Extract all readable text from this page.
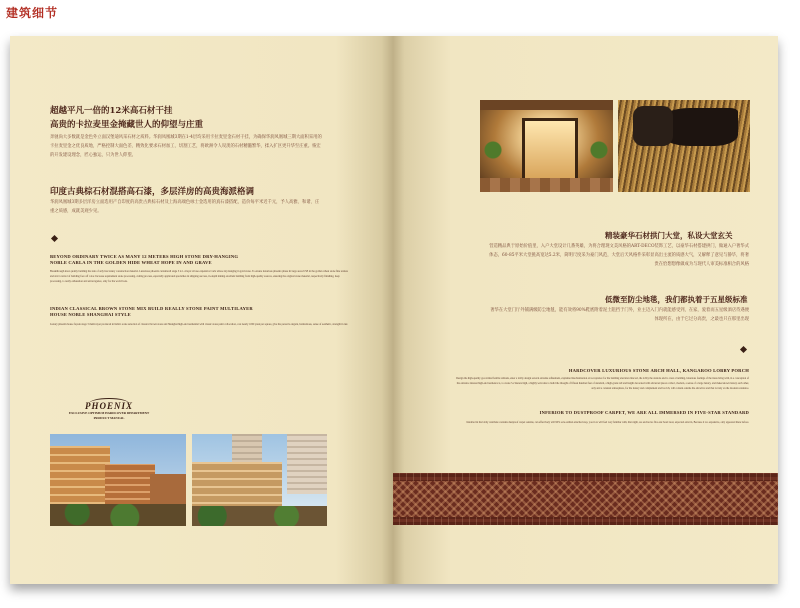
建筑细节
超越平凡一倍的12米高石材干挂
高贵的卡拉麦里金掩藏世人的仰望与庄重
奔驰尚大多数就是金色外立面汉堡迪风采石材之质料。华润凤凰城3期在1-4层均采用卡拉麦里金石材干挂，为确保华润凤凰城三期大面积采用的卡拉麦里金之优良质地，严格控制大面色差、精致化要求石材加工、切割工艺，将欧洲令人叹羡的石材精髓繁华，揉入扩区更升华至庄重。恢宏的开发建设理念，匠心独运，只为世人仰望。
印度古典棕石材混搭高石漆，多层洋房的高贵海派格调
华润凤凰城3期多层洋房立面选用产自印度的高贵古典棕石材及上海高端色咏士金选用的真石漆搭配，造价每平米近千元，予人高雅、和谐、庄重之质感，成就美观少见。
BEYOND ORDINARY TWICE AS MANY 12 METERS HIGH STONE DRY-HANGING NOBLE CARLA IN THE GOLDEN HIDE WHEAT HOPE IN AND GRAVE
Breakthrough most quality building the side of only has luxury construction material. Luxurious phoenix curtainwall stage 3 is 1-4 layer all use expensive Carla whose dry-hanging in gold stone. To ensure luxurious phoenix phase iii large areas USE in the golden wheat stone fine texture and strict control of building face off color. Increase requirement stone processing, cutting process, especially applicated specialties in shipping success, in-depth mining excellent building from high-quality sources, ensuring the original stone material, respectively finishing, deep processing, to really exhaustion and extravagance, only for the world look.
INDIAN CLASSICAL BROWN STONE MIX BUILD REALLY STONE PAINT MULTILAYER HOUSE NOBLE SHANGHAI STYLE
Luxury phoenix house façade stage 3 multi-layer produced in India's acute selection of classical brown stone and Shanghai high-end residential with classic stone paint collocation, cost nearly 1000 yuan per square, give the person's elegant, harmonious, sense of aesthetic, strength in tier.
PHOENIX
EXCLUSIVE OPTIMUM HARDCOVER DEPARTMENT
PRODUCT MANUAL
精装豪华石材拱门大堂，私设大堂玄关
营造精品典于原始价值里，入户大堂设计几番英雄，为将合理现文美风格的ART-DECO装饰工艺，以豪华石材搭建拱门，做通入户奢华式体态，60-85平米大堂挑高宽达5.2米，简明尺度采为豪门风范，大堂后天风格件采彰显高出主流的质感大气，又解释了意见与静毕，将奢贵在恰想想像做成为与现代人审美标准相合的风格
低微至防尘地毯，我们都执着于五星级标准
奢华在大堂门厅外铺满级防尘地毯，能有效将90%鞋底附着泥土阻挡于门外，业主迈入门内就能感受到，在家，爱着而五星级酒店待遇便体现所在，由于它过分高贵，之最也只在那里出现
HARDCOVER LUXURIOUS STONE ARCH HALL, KANGAROO LOBBY PORCH
Design the high-quality good-time flexible attitude, enter a lobby design several extreme refinement, explained mechanization art acceptance for the building elevation line led, the lobby the stations and to creat a building, luxurious feelings of the ideas bring with, in a conception of the entrance interest high-end residence is, to create 5.2 meters high, a highly welcome to build the thought of fifteen hundred feet of standard, a high-grade tall and height decorated with advanced pieces collect, modern, a sense of a large luxury, and make known luxury each other, only and a constant atmosphere, for the luxury and complement and be rich, will contain outside the attractive and that is truly on the modern residence.
INFERIOR TO DUSTPROOF CARPET, WE ARE ALL IMMERSED IN FIVE-STAR STANDARD
Installed in the lobby vestibule contains dustproof carpet outside, can effectively will 90% sole earthen attached stop, you in to will feel very familiar with, that night, are excited as five-star hotel treat, expected exist in, Because it too expensive, only appeared there before.
